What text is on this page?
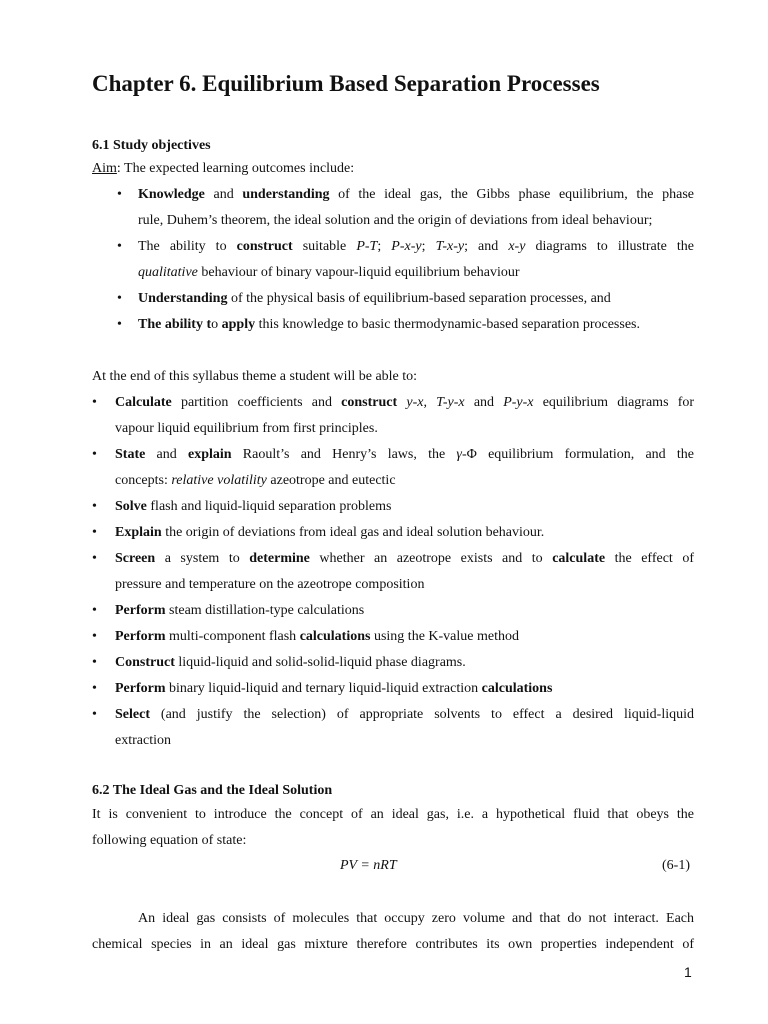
Chapter 6. Equilibrium Based Separation Processes
6.1 Study objectives

Aim: The expected learning outcomes include:

• Knowledge and understanding of the ideal gas, the Gibbs phase equilibrium, the phase

rule, Duhem’s theorem, the ideal solution and the origin of deviations from ideal behaviour;

• The ability to construct suitable P-T; P-x-y; T-x-y; and x-y diagrams to illustrate the

qualitative behaviour of binary vapour-liquid equilibrium behaviour

• Understanding of the physical basis of equilibrium-based separation processes, and

• The ability to apply this knowledge to basic thermodynamic-based separation processes.

At the end of this syllabus theme a student will be able to:

• Calculate partition coefficients and construct y-x, T-y-x and P-y-x equilibrium diagrams for

vapour liquid equilibrium from first principles.

• State and explain Raoult’s and Henry’s laws, the γ-Φ equilibrium formulation, and the

concepts: relative volatility azeotrope and eutectic

• Solve flash and liquid-liquid separation problems

• Explain the origin of deviations from ideal gas and ideal solution behaviour.

• Screen a system to determine whether an azeotrope exists and to calculate the effect of

pressure and temperature on the azeotrope composition

• Perform steam distillation-type calculations

• Perform multi-component flash calculations using the K-value method

• Construct liquid-liquid and solid-solid-liquid phase diagrams.

• Perform binary liquid-liquid and ternary liquid-liquid extraction calculations

• Select (and justify the selection) of appropriate solvents to effect a desired liquid-liquid

extraction

6.2 The Ideal Gas and the Ideal Solution

It is convenient to introduce the concept of an ideal gas, i.e. a hypothetical fluid that obeys the

following equation of state:

PV = nRT	(6-1)

An ideal gas consists of molecules that occupy zero volume and that do not interact. Each

chemical species in an ideal gas mixture therefore contributes its own properties independent of

1
